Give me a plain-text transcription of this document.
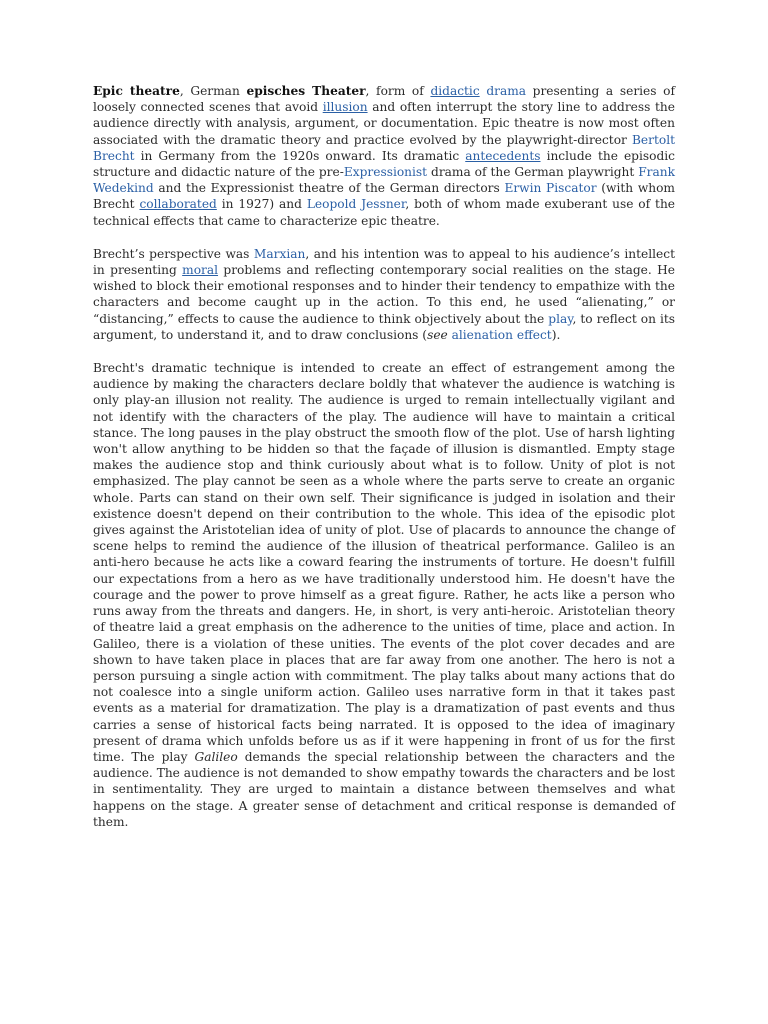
Epic theatre, German episches Theater, form of didactic drama presenting a series of loosely connected scenes that avoid illusion and often interrupt the story line to address the audience directly with analysis, argument, or documentation. Epic theatre is now most often associated with the dramatic theory and practice evolved by the playwright-director Bertolt Brecht in Germany from the 1920s onward. Its dramatic antecedents include the episodic structure and didactic nature of the pre-Expressionist drama of the German playwright Frank Wedekind and the Expressionist theatre of the German directors Erwin Piscator (with whom Brecht collaborated in 1927) and Leopold Jessner, both of whom made exuberant use of the technical effects that came to characterize epic theatre.

Brecht’s perspective was Marxian, and his intention was to appeal to his audience’s intellect in presenting moral problems and reflecting contemporary social realities on the stage. He wished to block their emotional responses and to hinder their tendency to empathize with the characters and become caught up in the action. To this end, he used “alienating,” or “distancing,” effects to cause the audience to think objectively about the play, to reflect on its argument, to understand it, and to draw conclusions (see alienation effect).

Brecht's dramatic technique is intended to create an effect of estrangement among the audience by making the characters declare boldly that whatever the audience is watching is only play-an illusion not reality. The audience is urged to remain intellectually vigilant and not identify with the characters of the play. The audience will have to maintain a critical stance. The long pauses in the play obstruct the smooth flow of the plot. Use of harsh lighting won't allow anything to be hidden so that the façade of illusion is dismantled. Empty stage makes the audience stop and think curiously about what is to follow. Unity of plot is not emphasized. The play cannot be seen as a whole where the parts serve to create an organic whole. Parts can stand on their own self. Their significance is judged in isolation and their existence doesn't depend on their contribution to the whole. This idea of the episodic plot gives against the Aristotelian idea of unity of plot. Use of placards to announce the change of scene helps to remind the audience of the illusion of theatrical performance. Galileo is an anti-hero because he acts like a coward fearing the instruments of torture. He doesn't fulfill our expectations from a hero as we have traditionally understood him. He doesn't have the courage and the power to prove himself as a great figure. Rather, he acts like a person who runs away from the threats and dangers. He, in short, is very anti-heroic. Aristotelian theory of theatre laid a great emphasis on the adherence to the unities of time, place and action. In Galileo, there is a violation of these unities. The events of the plot cover decades and are shown to have taken place in places that are far away from one another. The hero is not a person pursuing a single action with commitment. The play talks about many actions that do not coalesce into a single uniform action. Galileo uses narrative form in that it takes past events as a material for dramatization. The play is a dramatization of past events and thus carries a sense of historical facts being narrated. It is opposed to the idea of imaginary present of drama which unfolds before us as if it were happening in front of us for the first time. The play Galileo demands the special relationship between the characters and the audience. The audience is not demanded to show empathy towards the characters and be lost in sentimentality. They are urged to maintain a distance between themselves and what happens on the stage. A greater sense of detachment and critical response is demanded of them.
